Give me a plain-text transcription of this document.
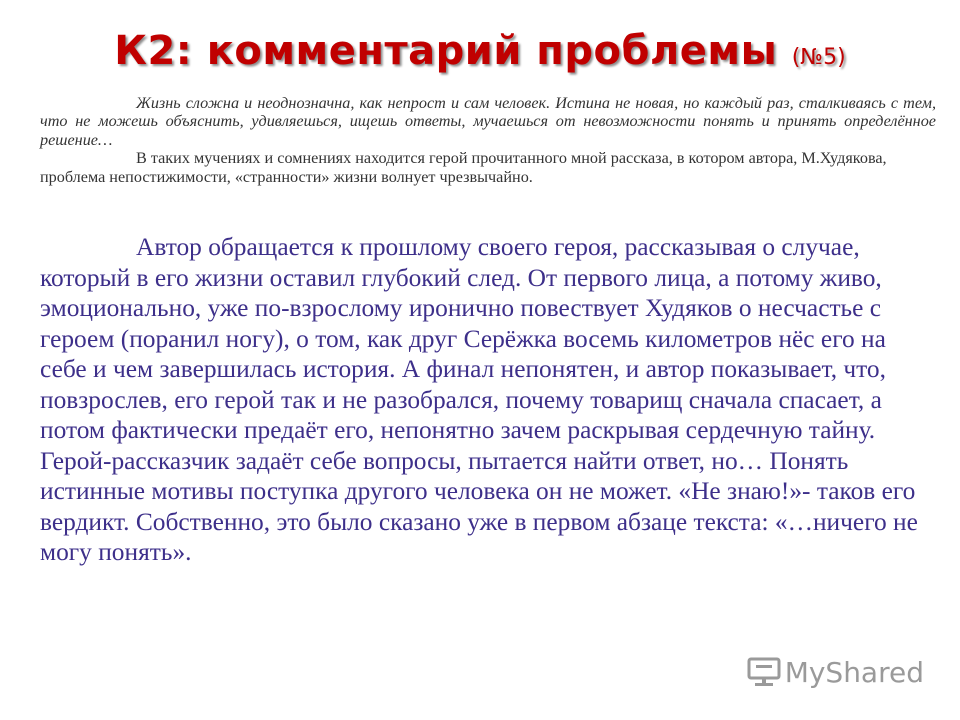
К2: комментарий проблемы (№5)

Жизнь сложна и неоднозначна, как непрост и сам человек. Истина не новая, но каждый раз, сталкиваясь с тем, что не можешь объяснить, удивляешься, ищешь ответы, мучаешься от невозможности понять и принять определённое решение…

В таких мучениях и сомнениях находится герой прочитанного мной рассказа, в котором автора, М.Худякова, проблема непостижимости, «странности» жизни волнует чрезвычайно.

Автор обращается к прошлому своего героя, рассказывая о случае, который в его жизни оставил глубокий след. От первого лица, а потому живо, эмоционально, уже по-взрослому иронично повествует Худяков о несчастье с героем (поранил ногу), о том, как друг Серёжка восемь километров нёс его на себе и чем завершилась история. А финал непонятен, и автор показывает, что, повзрослев, его герой так и не разобрался, почему товарищ сначала спасает, а потом фактически предаёт его, непонятно зачем раскрывая сердечную тайну. Герой-рассказчик задаёт себе вопросы, пытается найти ответ, но… Понять истинные мотивы поступка другого человека он не может. «Не знаю!»- таков его вердикт. Собственно, это было сказано уже в первом абзаце текста: «…ничего не могу понять».

MyShared
